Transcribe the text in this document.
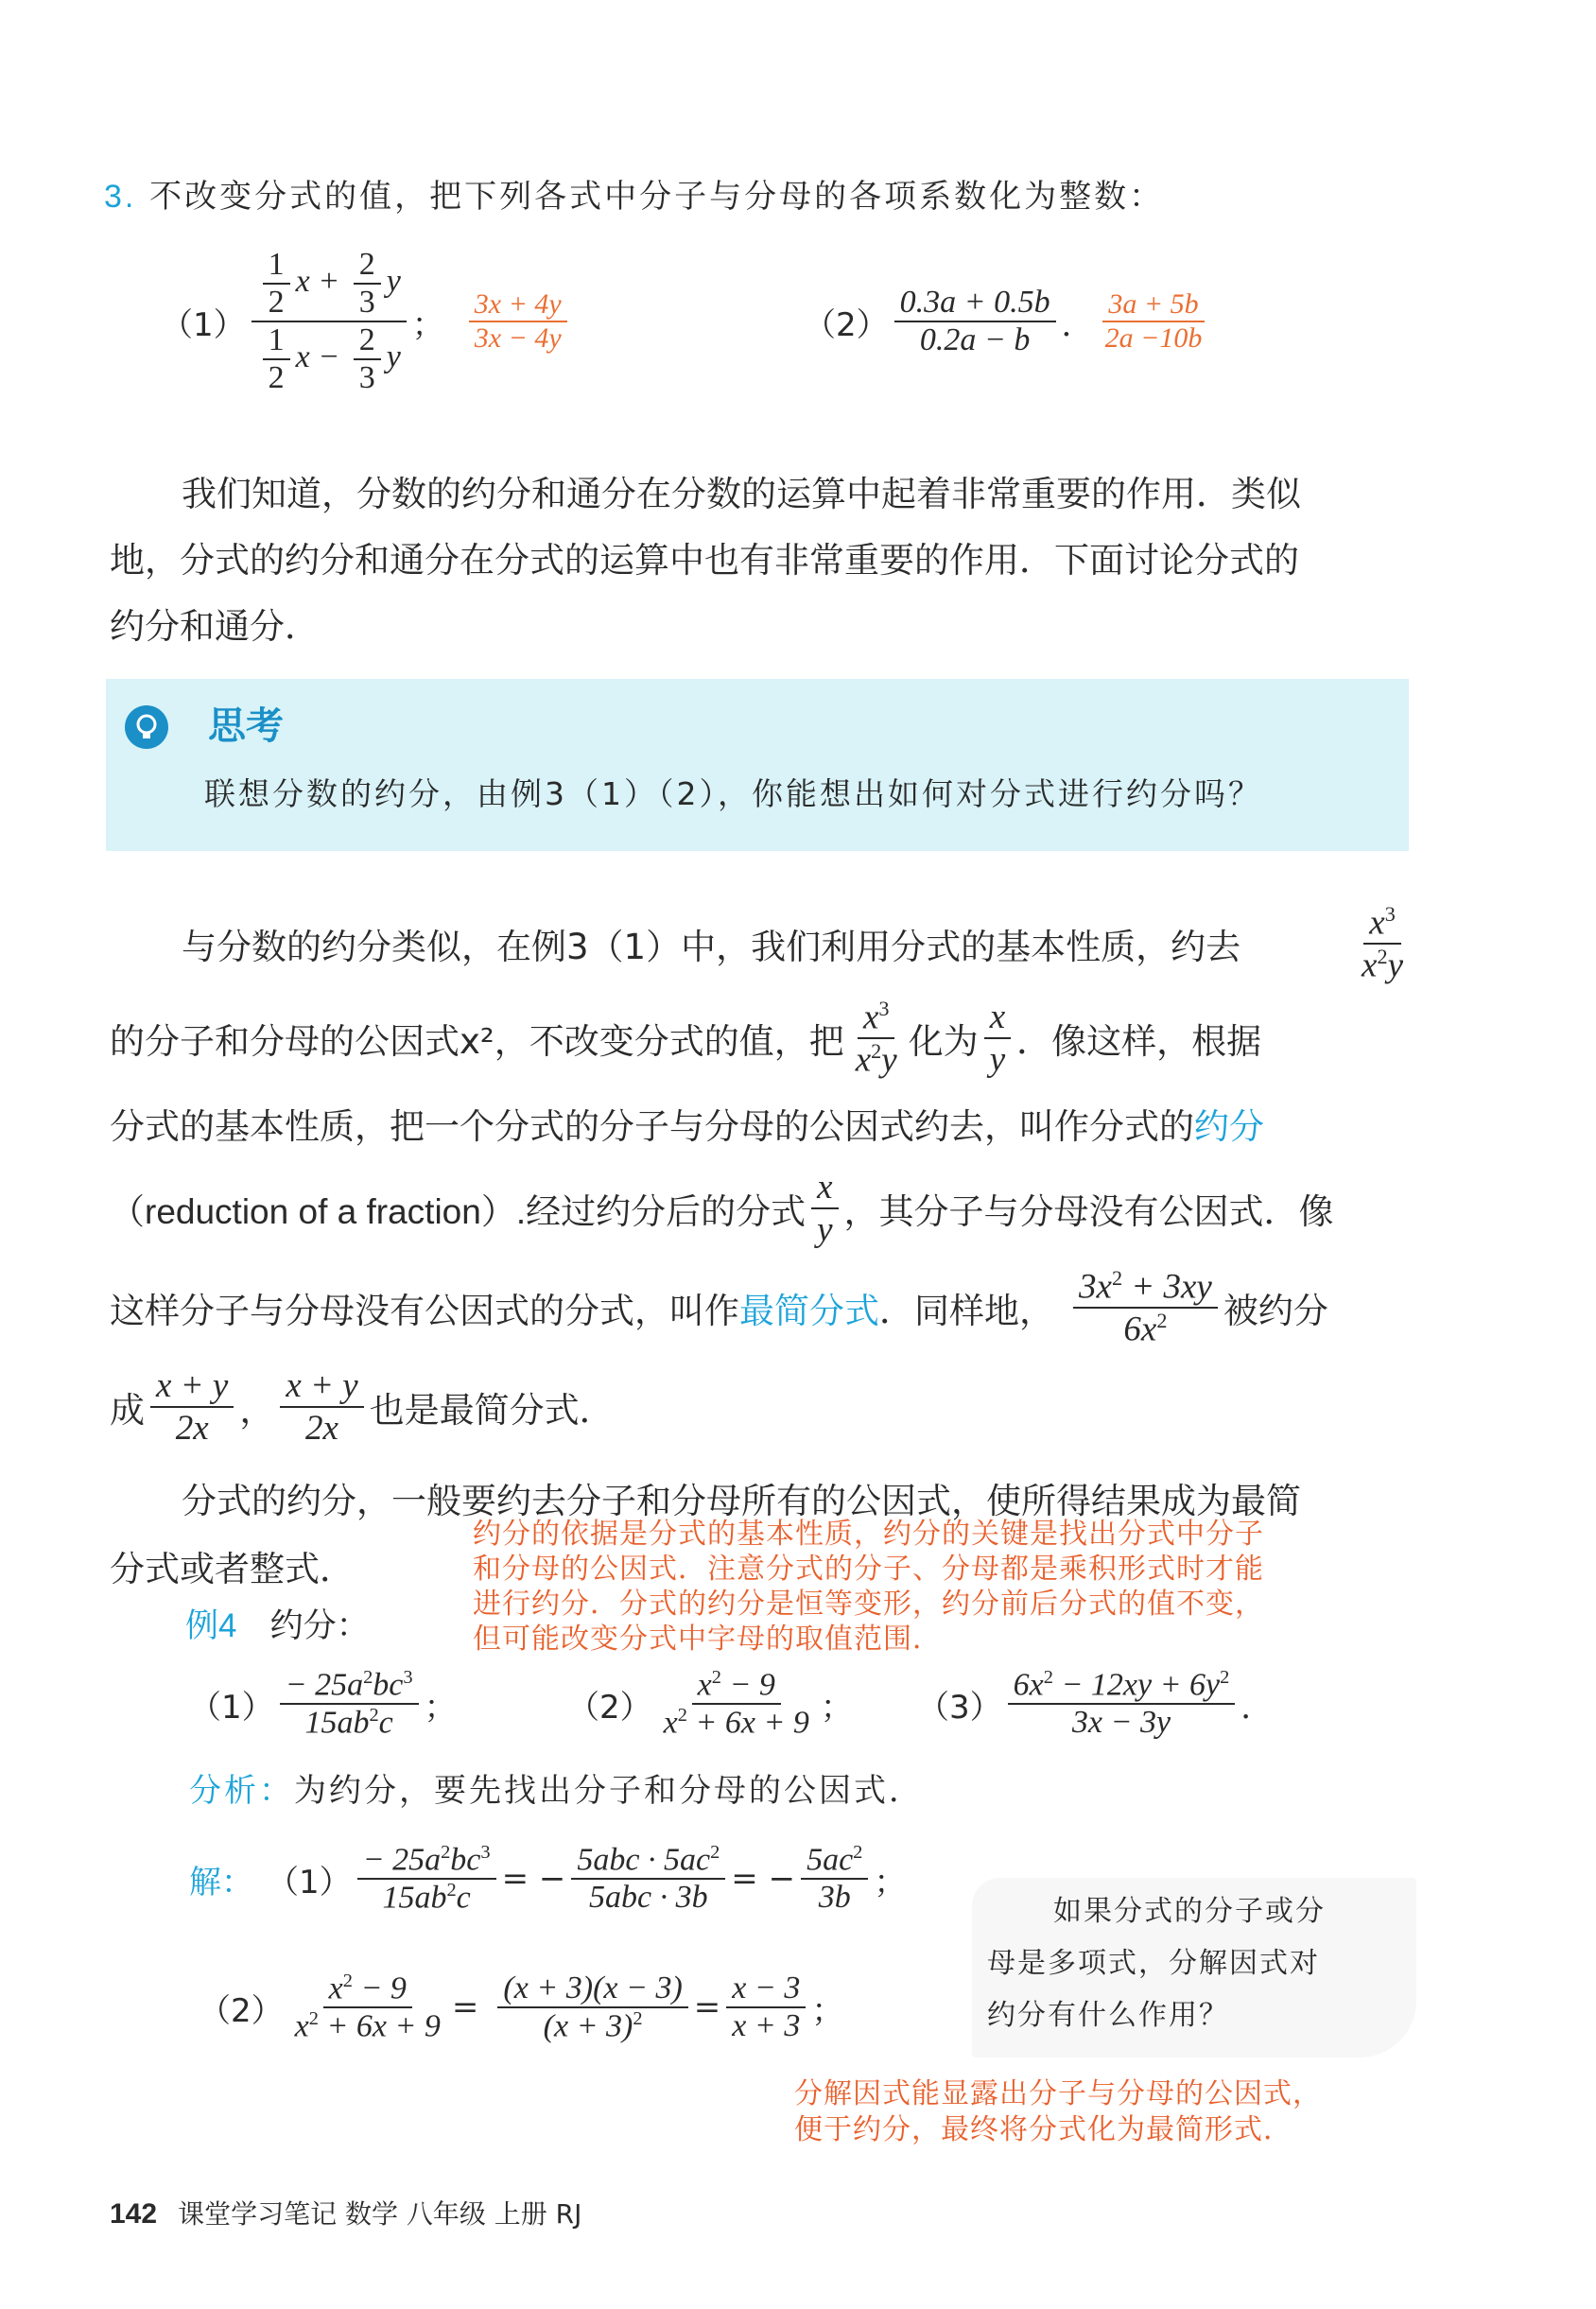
3. 不改变分式的值，把下列各式中分子与分母的各项系数化为整数：
$(1) \frac{\frac{1}{2} x + \frac{2}{3} y}{\frac{1}{2} x - \frac{2}{3} y}$ ； $\frac{3x + 4y}{3x - 4y}$	$(2) \frac{0.3a + 0.5b}{0.2a - b}$ ． $\frac{3a + 5b}{2a -10b}$
我们知道，分数的约分和通分在分数的运算中起着非常重要的作用．类似
地，分式的约分和通分在分式的运算中也有非常重要的作用．下面讨论分式的
约分和通分．
思考
联想分数的约分，由例3（1）（2），你能想出如何对分式进行约分吗？
与分数的约分类似，在例3（1）中，我们利用分式的基本性质，约去	$\frac{x^3}{x^2y}$
的分子和分母的公因式x²，不改变分式的值，把 $\frac{x^3}{x^2y}$ 化为 $\frac{x}{y}$ ．像这样，根据
分式的基本性质，把一个分式的分子与分母的公因式约去，叫作分式的 约分
（reduction of a fraction）.经过约分后的分式 $\frac{x}{y}$ ，其分子与分母没有公因式．像
这样分子与分母没有公因式的分式，叫作 最简分式 ．同样地， $\frac{3x^2 + 3xy}{6x^2}$ 被约分
成 $\frac{x + y}{2x}$ ， $\frac{x + y}{2x}$ 也是最简分式．
分式的约分，一般要约去分子和分母所有的公因式，使所得结果成为最简
分式或者整式．
约分的依据是分式的基本性质，约分的关键是找出分式中分子
和分母的公因式．注意分式的分子、分母都是乘积形式时才能
进行约分．分式的约分是恒等变形，约分前后分式的值不变，
但可能改变分式中字母的取值范围．
例4 约分：
$(1) \frac{- 25a^2bc^3}{15ab^2c}$ ；	$(2) \frac{x^2 - 9}{x^2 + 6x + 9}$ ； $(3) \frac{6x^2 - 12xy + 6y^2}{3x - 3y}$ ．
分析：为约分，要先找出分子和分母的公因式．
解： $(1) \frac{- 25a^2bc^3}{15ab^2c}$ = − $\frac{5abc \cdot 5ac^2}{\text{5abc · 3b}}$ = − $\frac{5ac^2}{3b}$ ；
$(2) \frac{x^2 - 9}{x^2 + 6x + 9} = \frac{(x + 3)(x - 3)}{(x + 3)^2} = \frac{x - 3}{x + 3}$ ；
如果分式的分子或分
母是多项式，分解因式对
约分有什么作用？
分解因式能显露出分子与分母的公因式，
便于约分，最终将分式化为最简形式．
142 课堂学习笔记 数学 八年级 上册 RJ
